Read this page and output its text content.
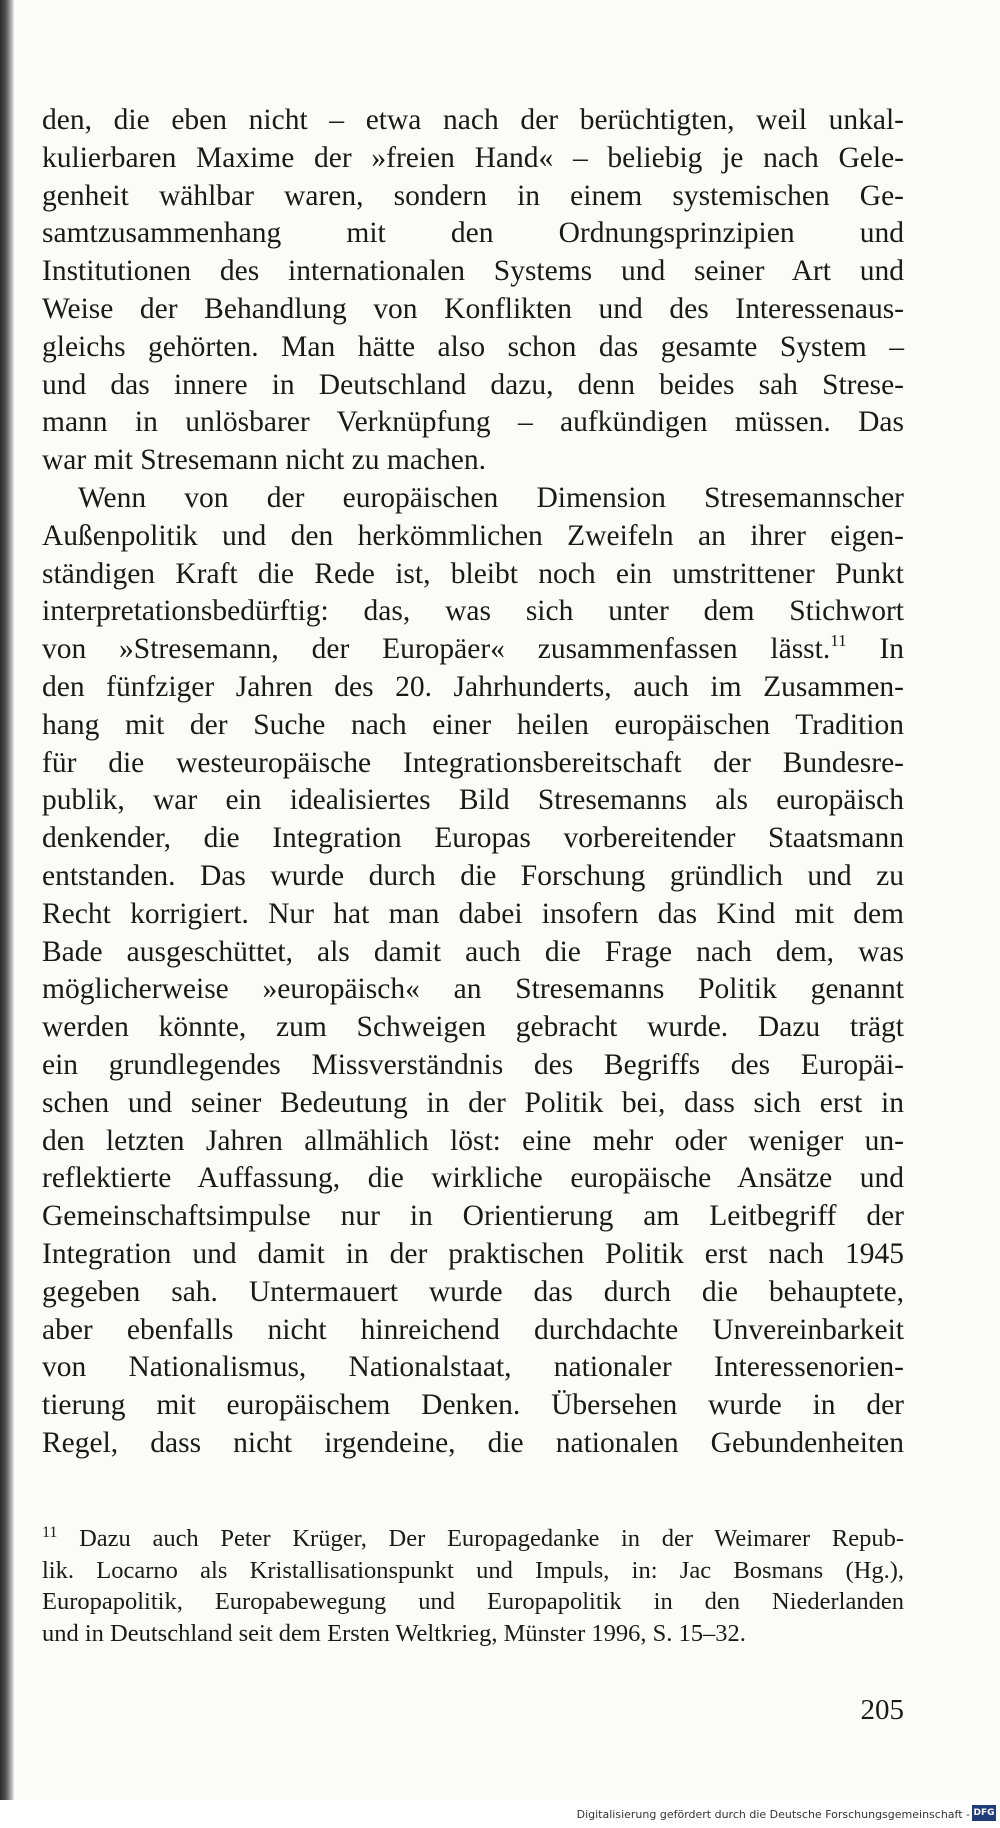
den, die eben nicht – etwa nach der berüchtigten, weil unkal-
kulierbaren Maxime der »freien Hand« – beliebig je nach Gele-
genheit wählbar waren, sondern in einem systemischen Ge-
samtzusammenhang mit den Ordnungsprinzipien und
Institutionen des internationalen Systems und seiner Art und
Weise der Behandlung von Konflikten und des Interessenaus-
gleichs gehörten. Man hätte also schon das gesamte System –
und das innere in Deutschland dazu, denn beides sah Strese-
mann in unlösbarer Verknüpfung – aufkündigen müssen. Das
war mit Stresemann nicht zu machen.
Wenn von der europäischen Dimension Stresemannscher
Außenpolitik und den herkömmlichen Zweifeln an ihrer eigen-
ständigen Kraft die Rede ist, bleibt noch ein umstrittener Punkt
interpretationsbedürftig: das, was sich unter dem Stichwort
von »Stresemann, der Europäer« zusammenfassen lässt.$^{11}$ In
den fünfziger Jahren des 20. Jahrhunderts, auch im Zusammen-
hang mit der Suche nach einer heilen europäischen Tradition
für die westeuropäische Integrationsbereitschaft der Bundesre-
publik, war ein idealisiertes Bild Stresemanns als europäisch
denkender, die Integration Europas vorbereitender Staatsmann
entstanden. Das wurde durch die Forschung gründlich und zu
Recht korrigiert. Nur hat man dabei insofern das Kind mit dem
Bade ausgeschüttet, als damit auch die Frage nach dem, was
möglicherweise »europäisch« an Stresemanns Politik genannt
werden könnte, zum Schweigen gebracht wurde. Dazu trägt
ein grundlegendes Missverständnis des Begriffs des Europäi-
schen und seiner Bedeutung in der Politik bei, dass sich erst in
den letzten Jahren allmählich löst: eine mehr oder weniger un-
reflektierte Auffassung, die wirkliche europäische Ansätze und
Gemeinschaftsimpulse nur in Orientierung am Leitbegriff der
Integration und damit in der praktischen Politik erst nach 1945
gegeben sah. Untermauert wurde das durch die behauptete,
aber ebenfalls nicht hinreichend durchdachte Unvereinbarkeit
von Nationalismus, Nationalstaat, nationaler Interessenorien-
tierung mit europäischem Denken. Übersehen wurde in der
Regel, dass nicht irgendeine, die nationalen Gebundenheiten
$^{11}$ Dazu auch Peter Krüger, Der Europagedanke in der Weimarer Repub-
lik. Locarno als Kristallisationspunkt und Impuls, in: Jac Bosmans (Hg.),
Europapolitik, Europabewegung und Europapolitik in den Niederlanden
und in Deutschland seit dem Ersten Weltkrieg, Münster 1996, S. 15–32.
205
Digitalisierung gefördert durch die Deutsche Forschungsgemeinschaft - DFG
